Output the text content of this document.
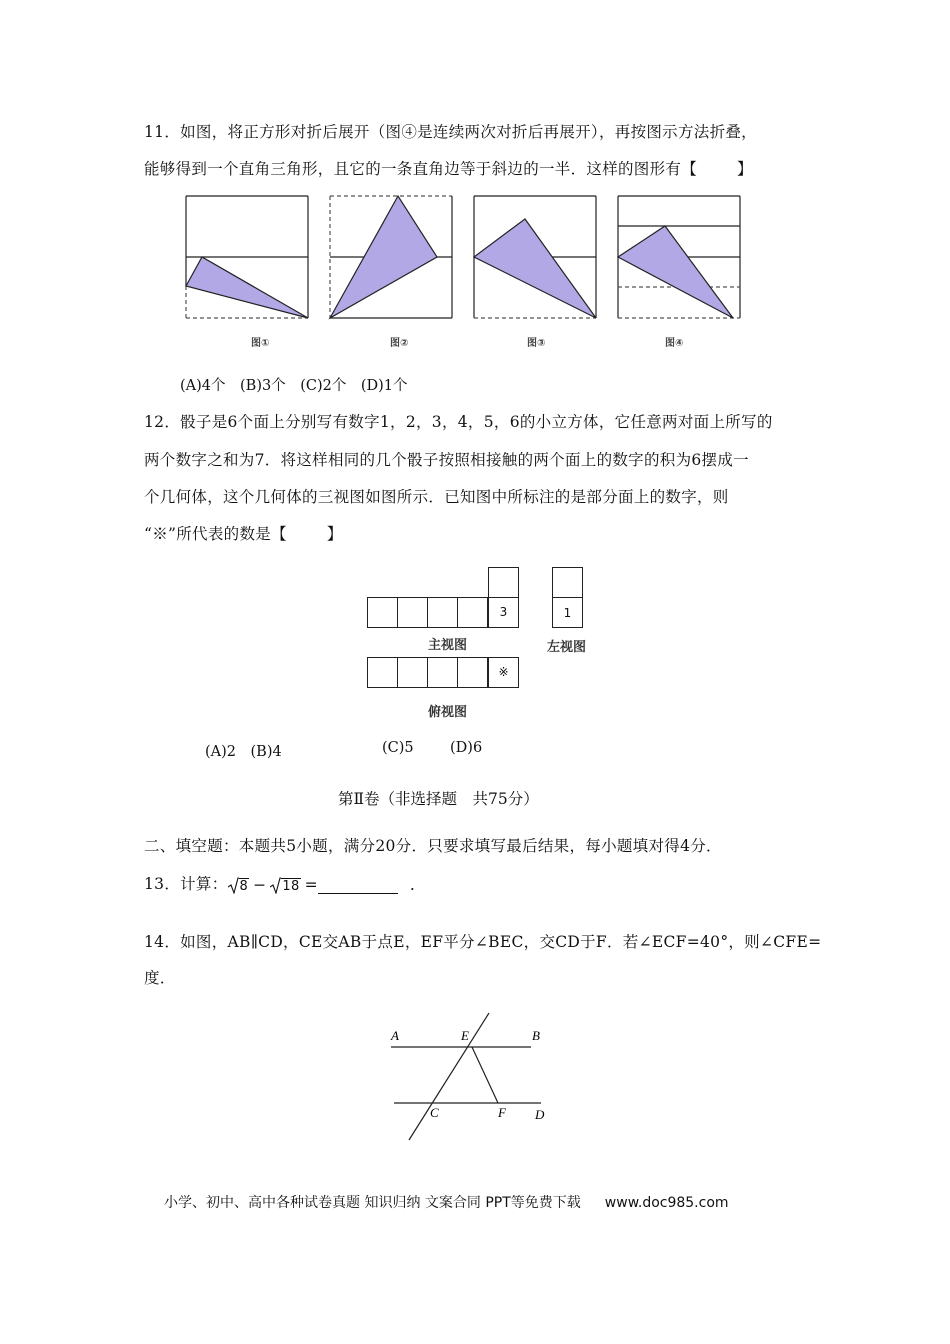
11．如图，将正方形对折后展开（图④是连续两次对折后再展开），再按图示方法折叠，
能够得到一个直角三角形，且它的一条直角边等于斜边的一半．这样的图形有【	】
图①	图②	图③	图④
(A)4个　(B)3个　(C)2个　(D)1个
12．骰子是6个面上分别写有数字1，2，3，4，5，6的小立方体，它任意两对面上所写的
两个数字之和为7．将这样相同的几个骰子按照相接触的两个面上的数字的积为6摆成一
个几何体，这个几何体的三视图如图所示．已知图中所标注的是部分面上的数字，则
“※”所代表的数是【	】
3
主视图
1
左视图
※
俯视图
(A)2　(B)4	(C)5	(D)6
第Ⅱ卷（非选择题　共75分）
二、填空题：本题共5小题，满分20分．只要求填写最后结果，每小题填对得4分．
13．计算： 8 − 18 =	.
14．如图，AB∥CD，CE交AB于点E，EF平分∠BEC，交CD于F．若∠ECF=40°，则∠CFE=
度．
A	E	B
C	F D
小学、初中、高中各种试卷真题 知识归纳 文案合同 PPT等免费下载 www.doc985.com
